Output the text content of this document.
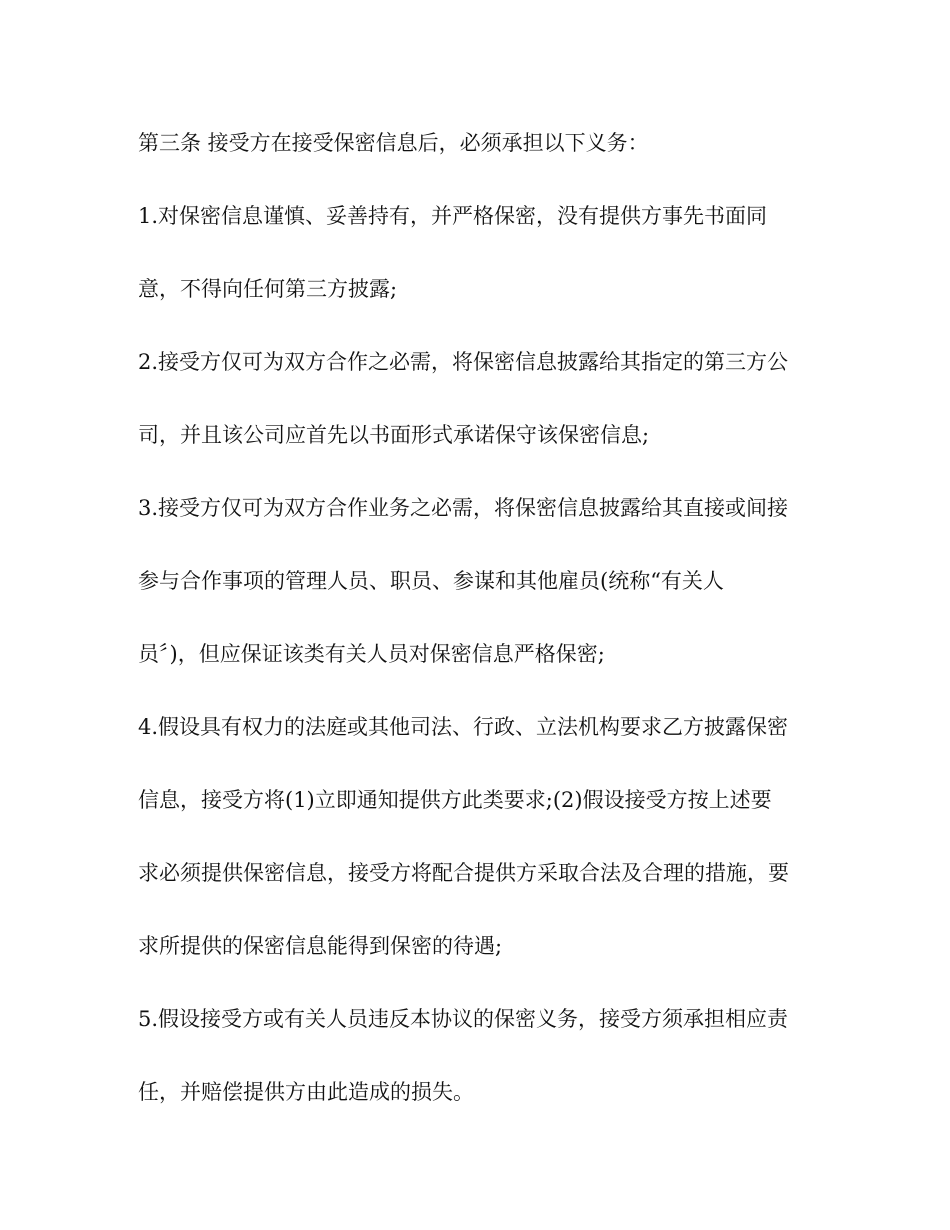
第三条 接受方在接受保密信息后，必须承担以下义务：
1.对保密信息谨慎、妥善持有，并严格保密，没有提供方事先书面同
意，不得向任何第三方披露;
2.接受方仅可为双方合作之必需，将保密信息披露给其指定的第三方公
司，并且该公司应首先以书面形式承诺保守该保密信息;
3.接受方仅可为双方合作业务之必需，将保密信息披露给其直接或间接
参与合作事项的管理人员、职员、参谋和其他雇员(统称“有关人
员〞)，但应保证该类有关人员对保密信息严格保密;
4.假设具有权力的法庭或其他司法、行政、立法机构要求乙方披露保密
信息，接受方将(1)立即通知提供方此类要求;(2)假设接受方按上述要
求必须提供保密信息，接受方将配合提供方采取合法及合理的措施，要
求所提供的保密信息能得到保密的待遇;
5.假设接受方或有关人员违反本协议的保密义务，接受方须承担相应责
任，并赔偿提供方由此造成的损失。
